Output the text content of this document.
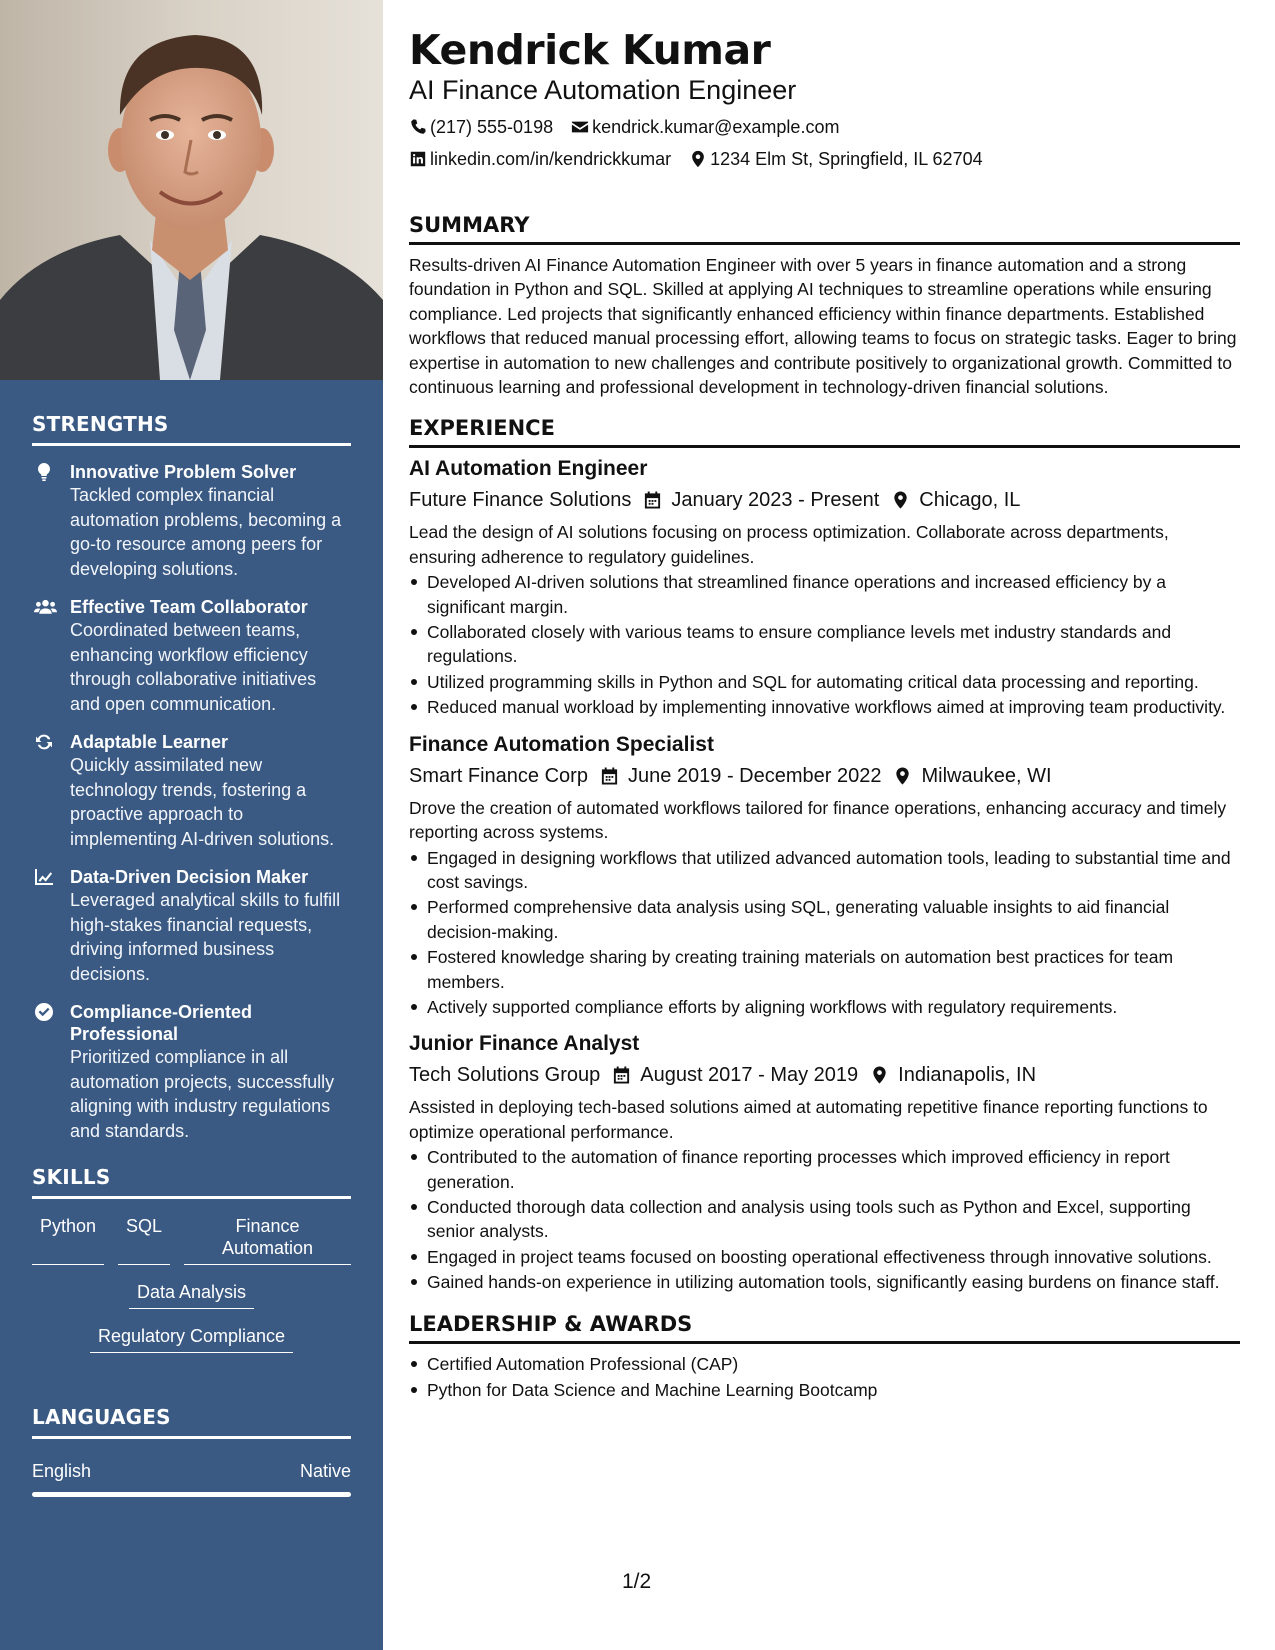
STRENGTHS
Innovative Problem Solver
Tackled complex financial automation problems, becoming a go-to resource among peers for developing solutions.
Effective Team Collaborator
Coordinated between teams, enhancing workflow efficiency through collaborative initiatives and open communication.
Adaptable Learner
Quickly assimilated new technology trends, fostering a proactive approach to implementing AI-driven solutions.
Data-Driven Decision Maker
Leveraged analytical skills to fulfill high-stakes financial requests, driving informed business decisions.
Compliance-Oriented Professional
Prioritized compliance in all automation projects, successfully aligning with industry regulations and standards.
SKILLS
Python	SQL	Finance Automation
Data Analysis
Regulatory Compliance
LANGUAGES
English	Native
Kendrick Kumar
AI Finance Automation Engineer
(217) 555-0198 kendrick.kumar@example.com
linkedin.com/in/kendrickkumar 1234 Elm St, Springfield, IL 62704
SUMMARY

Results-driven AI Finance Automation Engineer with over 5 years in finance automation and a strong foundation in Python and SQL. Skilled at applying AI techniques to streamline operations while ensuring compliance. Led projects that significantly enhanced efficiency within finance departments. Established workflows that reduced manual processing effort, allowing teams to focus on strategic tasks. Eager to bring expertise in automation to new challenges and contribute positively to organizational growth. Committed to continuous learning and professional development in technology-driven financial solutions.

EXPERIENCE
AI Automation Engineer
Future Finance Solutions January 2023 - Present Chicago, IL

Lead the design of AI solutions focusing on process optimization. Collaborate across departments, ensuring adherence to regulatory guidelines.

Developed AI-driven solutions that streamlined finance operations and increased efficiency by a significant margin.
Collaborated closely with various teams to ensure compliance levels met industry standards and regulations.
Utilized programming skills in Python and SQL for automating critical data processing and reporting.
Reduced manual workload by implementing innovative workflows aimed at improving team productivity.
Finance Automation Specialist
Smart Finance Corp June 2019 - December 2022 Milwaukee, WI

Drove the creation of automated workflows tailored for finance operations, enhancing accuracy and timely reporting across systems.

Engaged in designing workflows that utilized advanced automation tools, leading to substantial time and cost savings.
Performed comprehensive data analysis using SQL, generating valuable insights to aid financial decision-making.
Fostered knowledge sharing by creating training materials on automation best practices for team members.
Actively supported compliance efforts by aligning workflows with regulatory requirements.
Junior Finance Analyst
Tech Solutions Group August 2017 - May 2019 Indianapolis, IN

Assisted in deploying tech-based solutions aimed at automating repetitive finance reporting functions to optimize operational performance.

Contributed to the automation of finance reporting processes which improved efficiency in report generation.
Conducted thorough data collection and analysis using tools such as Python and Excel, supporting senior analysts.
Engaged in project teams focused on boosting operational effectiveness through innovative solutions.
Gained hands-on experience in utilizing automation tools, significantly easing burdens on finance staff.
LEADERSHIP & AWARDS
Certified Automation Professional (CAP)
Python for Data Science and Machine Learning Bootcamp
1/2
